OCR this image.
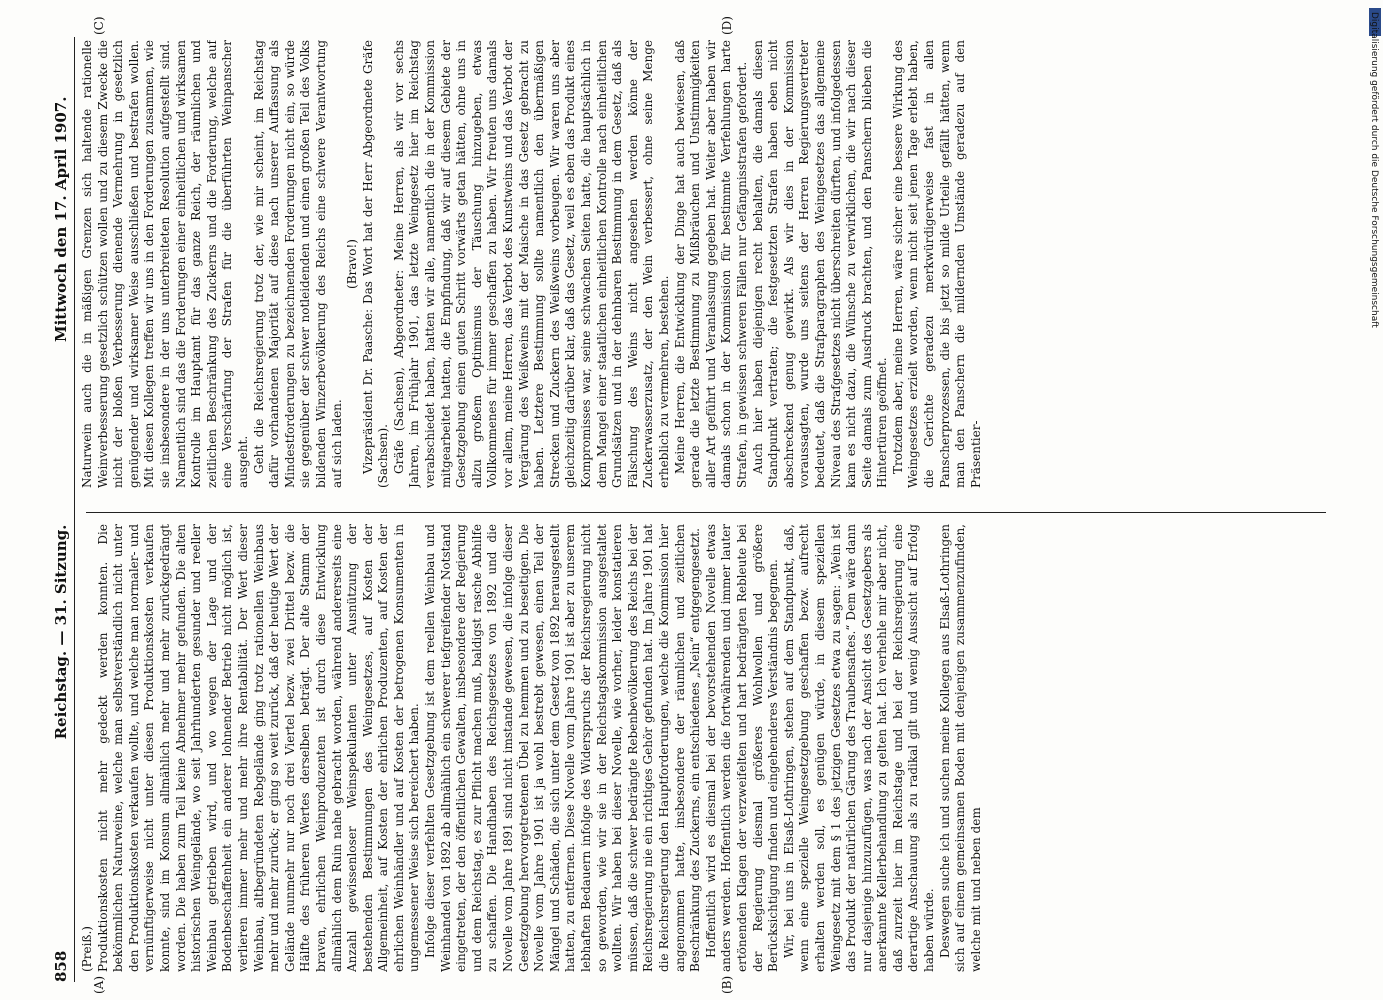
858
Reichstag. — 31. Sitzung.
Mittwoch den 17. April 1907.
(A)	(B)
(C)	(D)

(Preiß.) Produktionskosten nicht mehr gedeckt werden konnten. Die bekömmlichen Naturweine, welche man selbstverständlich nicht unter den Produktionskosten verkaufen wollte, und welche man normaler- und vernünftigerweise nicht unter diesen Produktionskosten verkaufen konnte, sind im Konsum allmählich mehr und mehr zurückgedrängt worden. Die haben zum Teil keine Abnehmer mehr gefunden. Die alten historischen Weingelände, wo seit Jahrhunderten gesunder und reeller Weinbau getrieben wird, und wo wegen der Lage und der Bodenbeschaffenheit ein anderer lohnender Betrieb nicht möglich ist, verlieren immer mehr und mehr ihre Rentabilität. Der Wert dieser Weinbau, altbegründeten Rebgelände ging trotz rationellen Weinbaus mehr und mehr zurück; er ging so weit zurück, daß der heutige Wert der Gelände nunmehr nur noch drei Viertel bezw. zwei Drittel bezw. die Hälfte des früheren Wertes derselben beträgt. Der alte Stamm der braven, ehrlichen Weinproduzenten ist durch diese Entwicklung allmählich dem Ruin nahe gebracht worden, während andererseits eine Anzahl gewissenloser Weinspekulanten unter Ausnützung der bestehenden Bestimmungen des Weingesetzes, auf Kosten der Allgemeinheit, auf Kosten der ehrlichen Produzenten, auf Kosten der ehrlichen Weinhändler und auf Kosten der betrogenen Konsumenten in ungemessener Weise sich bereichert haben. Infolge dieser verfehlten Gesetzgebung ist dem reellen Weinbau und Weinhandel von 1892 ab allmählich ein schwerer tiefgreifender Notstand eingetreten, der den öffentlichen Gewalten, insbesondere der Regierung und dem Reichstag, es zur Pflicht machen muß, baldigst rasche Abhilfe zu schaffen. Die Handhaben des Reichsgesetzes von 1892 und die Novelle vom Jahre 1891 sind nicht imstande gewesen, die infolge dieser Gesetzgebung hervorgetretenen Übel zu hemmen und zu beseitigen. Die Novelle vom Jahre 1901 ist ja wohl bestrebt gewesen, einen Teil der Mängel und Schäden, die sich unter dem Gesetz von 1892 herausgestellt hatten, zu entfernen. Diese Novelle vom Jahre 1901 ist aber zu unserem lebhaften Bedauern infolge des Widerspruchs der Reichsregierung nicht so geworden, wie wir sie in der Reichstagskommission ausgestaltet wollten. Wir haben bei dieser Novelle, wie vorher, leider konstatieren müssen, daß die schwer bedrängte Rebenbevölkerung des Reichs bei der Reichsregierung nie ein richtiges Gehör gefunden hat. Im Jahre 1901 hat die Reichsregierung den Hauptforderungen, welche die Kommission hier angenommen hatte, insbesondere der räumlichen und zeitlichen Beschränkung des Zuckerns, ein entschiedenes „Nein“ entgegengesetzt. Hoffentlich wird es diesmal bei der bevorstehenden Novelle etwas anders werden. Hoffentlich werden die fortwährenden und immer lauter ertönenden Klagen der verzweifelten und hart bedrängten Rebleute bei der Regierung diesmal größeres Wohlwollen und größere Berücksichtigung finden und eingehenderes Verständnis begegnen. Wir, bei uns in Elsaß-Lothringen, stehen auf dem Standpunkt, daß, wenn eine spezielle Weingesetzgebung geschaffen bezw. aufrecht erhalten werden soll, es genügen würde, in diesem speziellen Weingesetz mit dem § 1 des jetzigen Gesetzes etwa zu sagen: „Wein ist das Produkt der natürlichen Gärung des Traubensaftes.“ Dem wäre dann nur dasjenige hinzuzufügen, was nach der Ansicht des Gesetzgebers als anerkannte Kellerbehandlung zu gelten hat. Ich verhehle mir aber nicht, daß zurzeit hier im Reichstage und bei der Reichsregierung eine derartige Anschauung als zu radikal gilt und wenig Aussicht auf Erfolg haben würde. Deswegen suche ich und suchen meine Kollegen aus Elsaß-Lothringen sich auf einem gemeinsamen Boden mit denjenigen zusammenzufinden, welche mit und neben dem

Naturwein auch die in mäßigen Grenzen sich haltende rationelle Weinverbesserung gesetzlich schützen wollen und zu diesem Zwecke die nicht der bloßen Verbesserung dienende Vermehrung in gesetzlich genügender und wirksamer Weise ausschließen und bestrafen wollen. Mit diesen Kollegen treffen wir uns in den Forderungen zusammen, wie sie insbesondere in der uns unterbreiteten Resolution aufgestellt sind. Namentlich sind das die Forderungen einer einheitlichen und wirksamen Kontrolle im Hauptamt für das ganze Reich, der räumlichen und zeitlichen Beschränkung des Zuckerns und die Forderung, welche auf eine Verschärfung der Strafen für die überführten Weinpanscher ausgeht. Geht die Reichsregierung trotz der, wie mir scheint, im Reichstag dafür vorhandenen Majorität auf diese nach unserer Auffassung als Mindestforderungen zu bezeichnenden Forderungen nicht ein, so würde sie gegenüber der schwer notleidenden und einen großen Teil des Volks bildenden Winzerbevölkerung des Reichs eine schwere Verantwortung auf sich laden.

(Bravo!) Vizepräsident Dr. Paasche: Das Wort hat der Herr Abgeordnete Gräfe (Sachsen). Gräfe (Sachsen), Abgeordneter: Meine Herren, als wir vor sechs Jahren, im Frühjahr 1901, das letzte Weingesetz hier im Reichstag verabschiedet haben, hatten wir alle, namentlich die in der Kommission mitgearbeitet hatten, die Empfindung, daß wir auf diesem Gebiete der Gesetzgebung einen guten Schritt vorwärts getan hätten, ohne uns in allzu großem Optimismus der Täuschung hinzugeben, etwas Vollkommenes für immer geschaffen zu haben. Wir freuten uns damals vor allem, meine Herren, das Verbot des Kunstweins und das Verbot der Vergärung des Weißweins mit der Maische in das Gesetz gebracht zu haben. Letztere Bestimmung sollte namentlich den übermäßigen Strecken und Zuckern des Weißweins vorbeugen. Wir waren uns aber gleichzeitig darüber klar, daß das Gesetz, weil es eben das Produkt eines Kompromisses war, seine schwachen Seiten hatte, die hauptsächlich in dem Mangel einer staatlichen einheitlichen Kontrolle nach einheitlichen Grundsätzen und in der dehnbaren Bestimmung in dem Gesetz, daß als Fälschung des Weins nicht angesehen werden könne der Zuckerwasserzusatz, der den Wein verbessert, ohne seine Menge erheblich zu vermehren, bestehen. Meine Herren, die Entwicklung der Dinge hat auch bewiesen, daß gerade die letzte Bestimmung zu Mißbräuchen und Unstimmigkeiten aller Art geführt und Veranlassung gegeben hat. Weiter aber haben wir damals schon in der Kommission für bestimmte Verfehlungen harte Strafen, in gewissen schweren Fällen nur Gefängnisstrafen gefordert. Auch hier haben diejenigen recht behalten, die damals diesen Standpunkt vertraten; die festgesetzten Strafen haben eben nicht abschreckend genug gewirkt. Als wir dies in der Kommission voraussagten, wurde uns seitens der Herren Regierungsvertreter bedeutet, daß die Strafparagraphen des Weingesetzes das allgemeine Niveau des Strafgesetzes nicht überschreiten dürften, und infolgedessen kam es nicht dazu, die Wünsche zu verwirklichen, die wir nach dieser Seite damals zum Ausdruck brachten, und den Panschern blieben die Hintertüren geöffnet. Trotzdem aber, meine Herren, wäre sicher eine bessere Wirkung des Weingesetzes erzielt worden, wenn nicht seit jenen Tage erlebt haben, die Gerichte geradezu merkwürdigerweise fast in allen Panscherprozessen, die bis jetzt so milde Urteile gefällt hätten, wenn man den Panschern die mildernden Umstände geradezu auf den Präsentier-

Digitalisierung gefördert durch die Deutsche Forschungsgemeinschaft
